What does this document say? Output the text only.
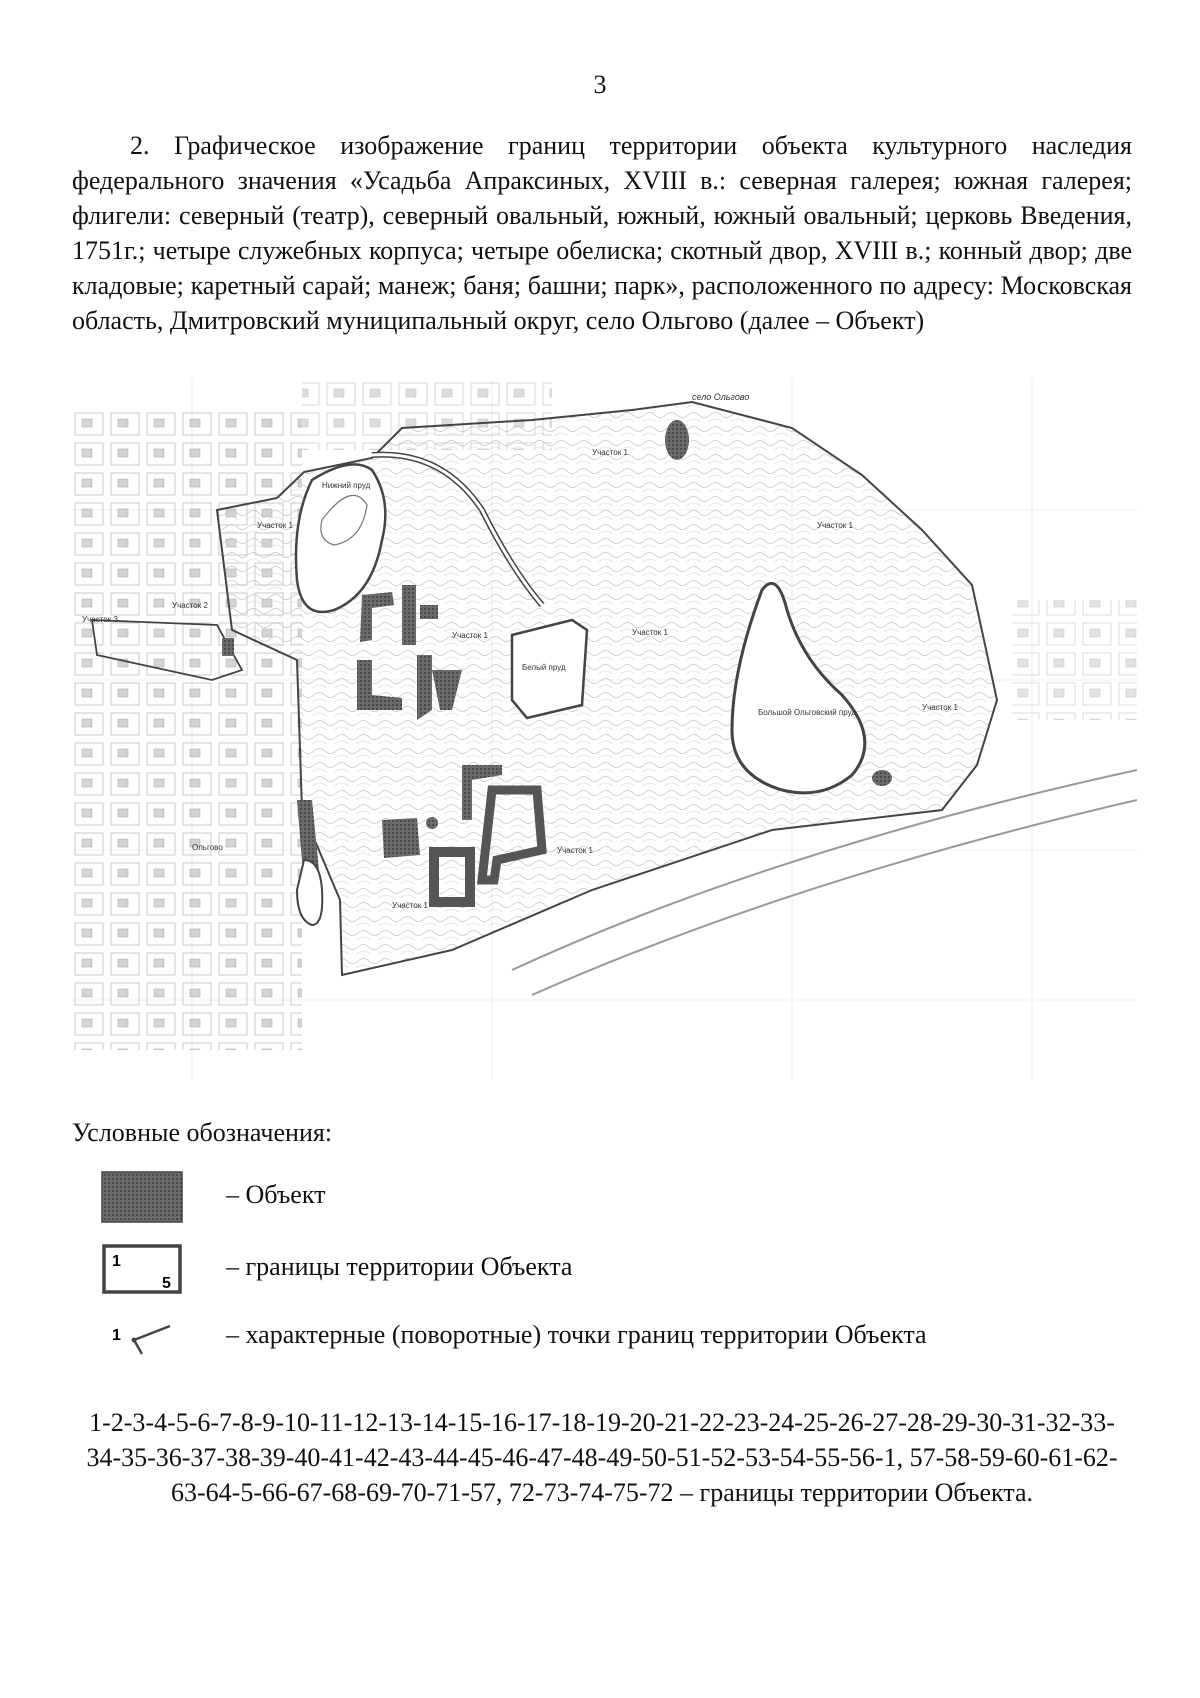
3
2. Графическое изображение границ территории объекта культурного наследия федерального значения «Усадьба Апраксиных, XVIII в.: северная галерея; южная галерея; флигели: северный (театр), северный овальный, южный, южный овальный; церковь Введения, 1751г.; четыре служебных корпуса; четыре обелиска; скотный двор, XVIII в.; конный двор; две кладовые; каретный сарай; манеж; баня; башни; парк», расположенного по адресу: Московская область, Дмитровский муниципальный округ, село Ольгово (далее – Объект)
село Ольгово
Участок 1
Участок 1	Участок 1
Участок 1	Участок 1
Участок 1
Участок 1
Участок 1
Участок 2
Участок 3
Нижний пруд
Белый пруд
Большой Ольговский пруд
Ольгово
Условные обозначения:
– Объект
1
5
– границы территории Объекта
1	– характерные (поворотные) точки границ территории Объекта
1-2-3-4-5-6-7-8-9-10-11-12-13-14-15-16-17-18-19-20-21-22-23-24-25-26-27-28-29-30-31-32-33-34-35-36-37-38-39-40-41-42-43-44-45-46-47-48-49-50-51-52-53-54-55-56-1, 57-58-59-60-61-62-63-64-5-66-67-68-69-70-71-57, 72-73-74-75-72 – границы территории Объекта.
